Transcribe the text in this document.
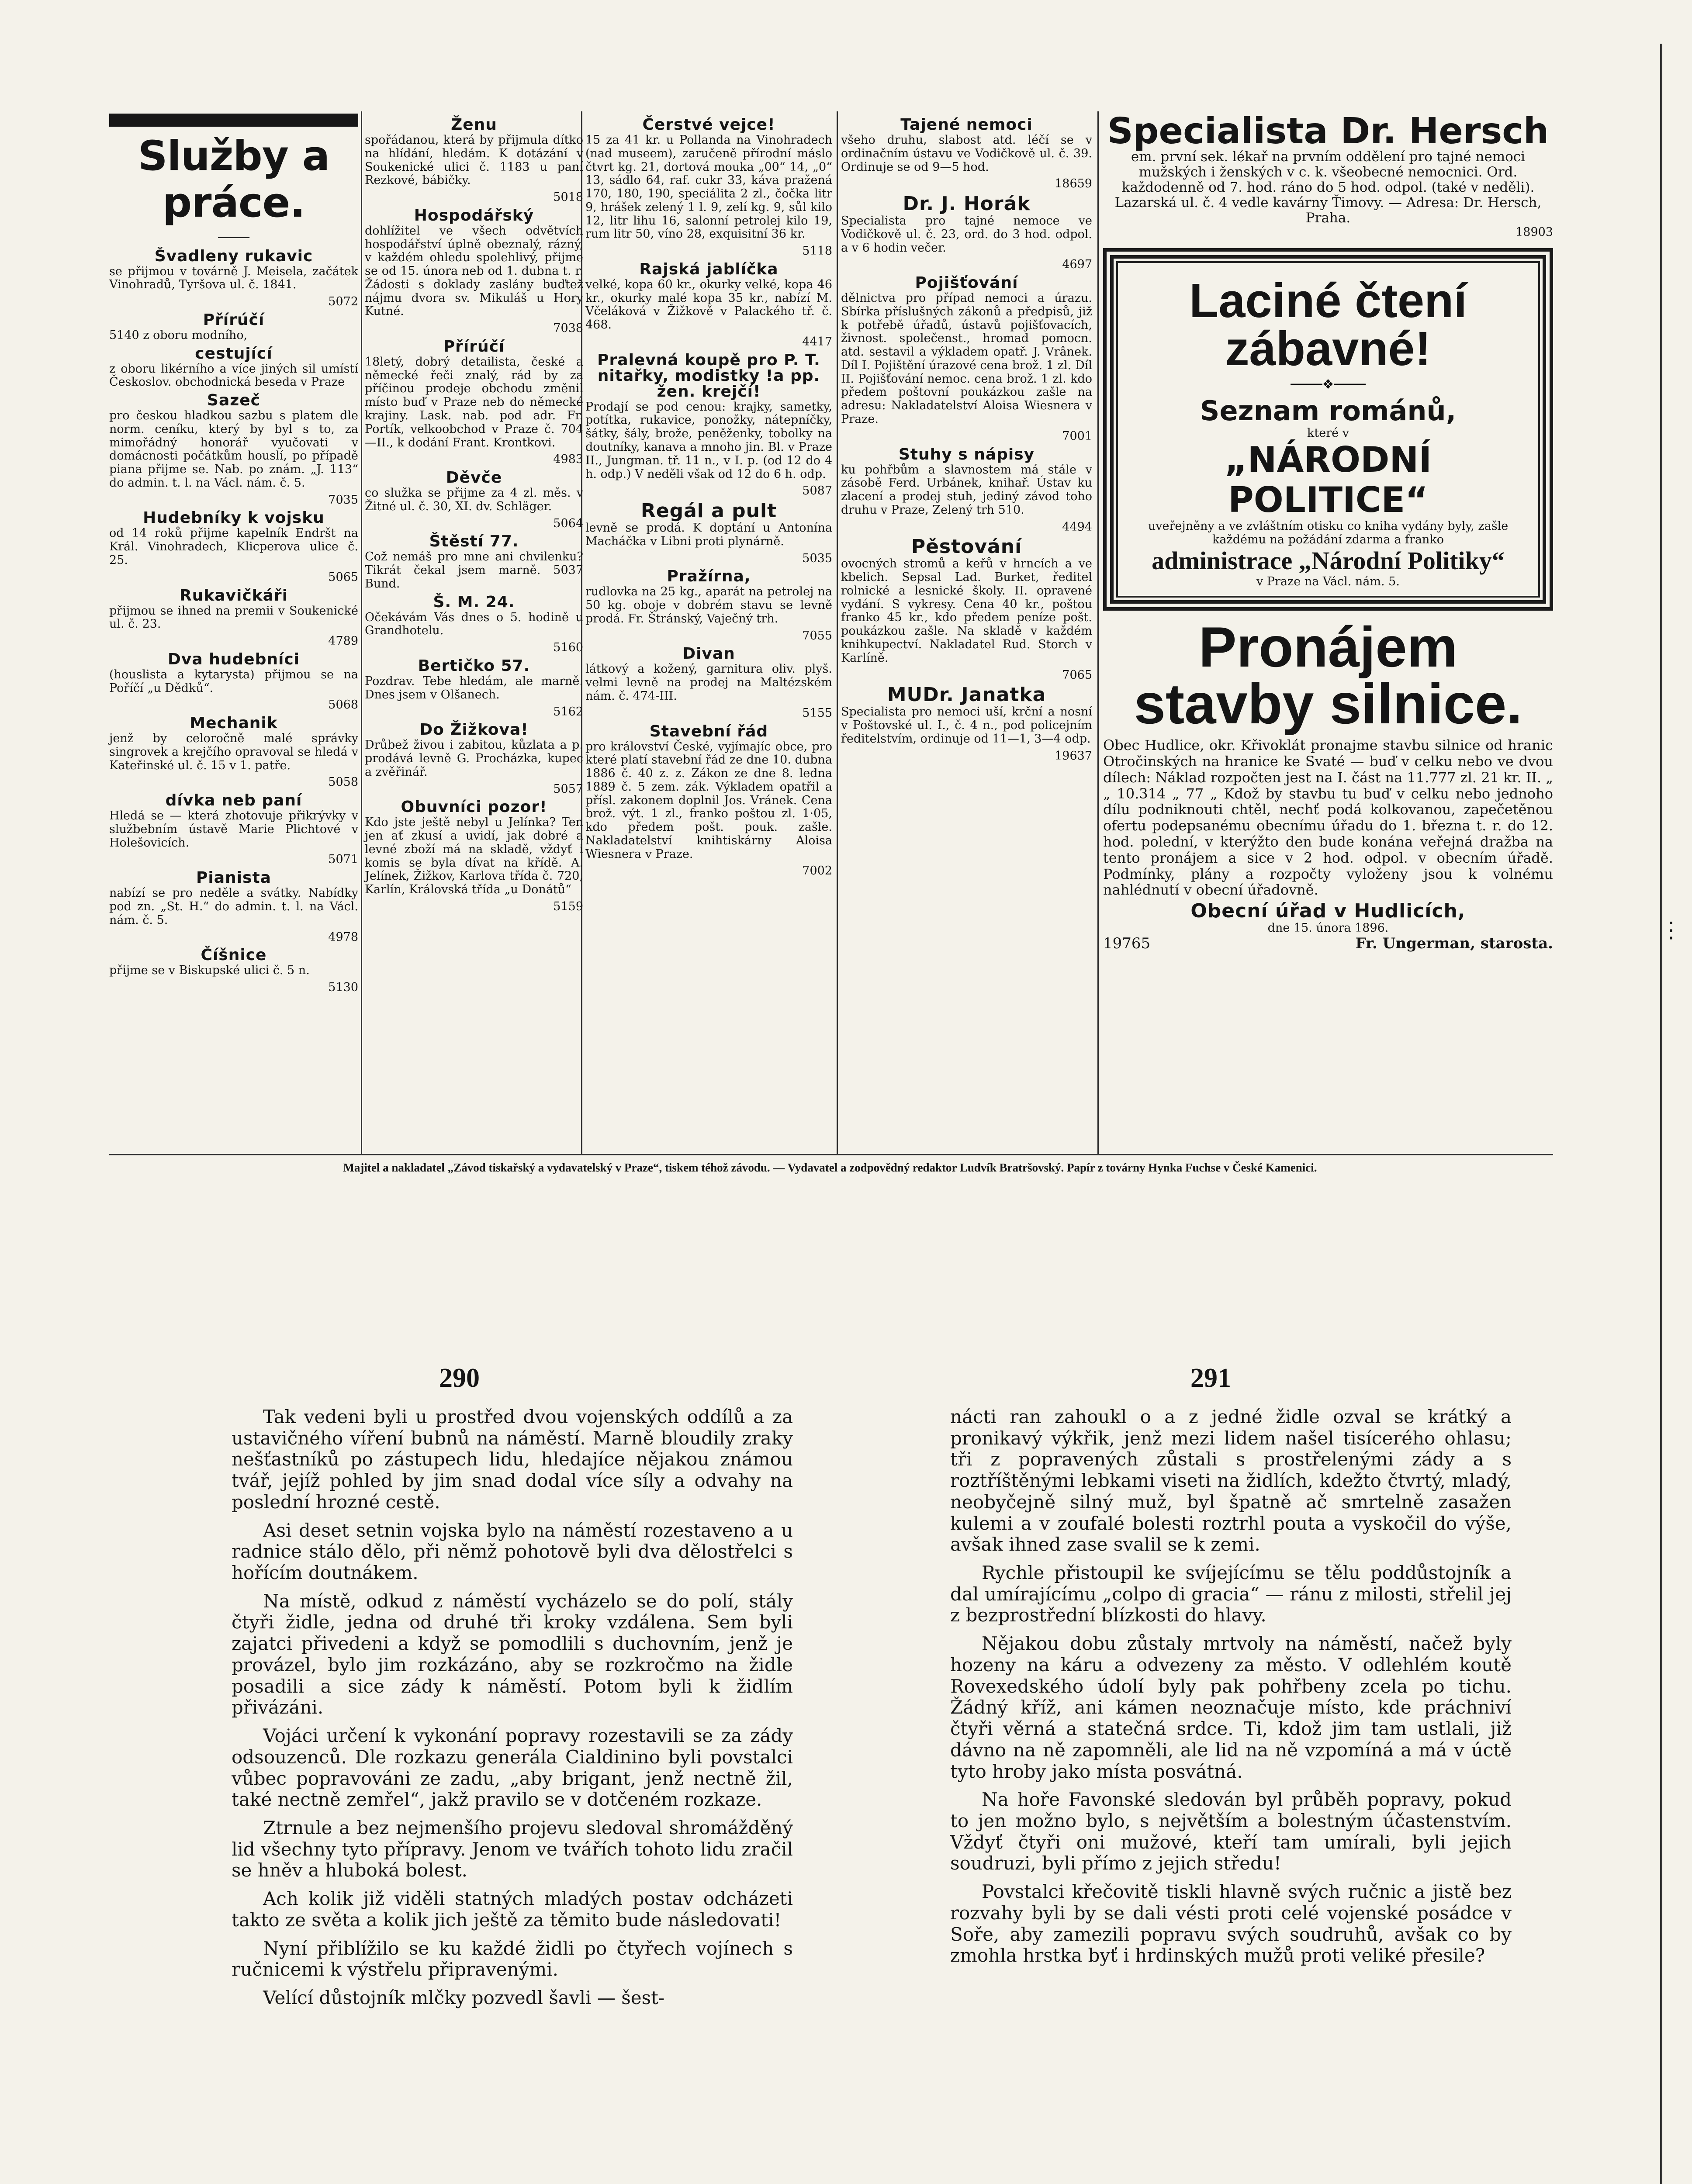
Služby a práce.
⸻
Švadleny rukavic

se přijmou v továrně J. Meisela, začátek Vinohradů, Tyršova ul. č. 1841.

5072
Přírúčí

5140 z oboru modního,

cestující

z oboru likérního a více jiných sil umístí Českoslov. obchodnická beseda v Praze

Sazeč

pro českou hladkou sazbu s platem dle norm. ceníku, který by byl s to, za mimořádný honorář vyučovati v domácnosti počátkům houslí, po případě piana přijme se. Nab. po znám. „J. 113“ do admin. t. l. na Václ. nám. č. 5.

7035
Hudebníky k vojsku

od 14 roků přijme kapelník Endršt na Král. Vinohradech, Klicperova ulice č. 25.

5065
Rukavičkáři

přijmou se ihned na premii v Soukenické ul. č. 23.

4789
Dva hudebníci

(houslista a kytarysta) přijmou se na Poříčí „u Dědků“.

5068
Mechanik

jenž by celoročně malé správky singrovek a krejčího opravoval se hledá v Kateřinské ul. č. 15 v 1. patře.

5058
dívka neb paní

Hledá se — která zhotovuje přikrývky v službebním ústavě Marie Plichtové v Holešovicích.

5071
Pianista

nabízí se pro neděle a svátky. Nabídky pod zn. „St. H.“ do admin. t. l. na Václ. nám. č. 5.

4978
Číšnice

přijme se v Biskupské ulici č. 5 n.

5130
Ženu

spořádanou, která by přijmula dítko na hlídání, hledám. K dotázání v Soukenické ulici č. 1183 u paní Rezkové, bábičky.

5018
Hospodářský

dohlížitel ve všech odvětvích hospodářství úplně obeznalý, rázný, v každém ohledu spolehlivý, přijme se od 15. února neb od 1. dubna t. r. Žádosti s doklady zaslány buďtež nájmu dvora sv. Mikuláš u Hory Kutné.

7038
Přírúčí

18letý, dobrý detailista, české a německé řeči znalý, rád by za příčinou prodeje obchodu změnil místo buď v Praze neb do německé krajiny. Lask. nab. pod adr. Fr. Portík, velkoobchod v Praze č. 704—II., k dodání Frant. Krontkovi.

4983
Děvče

co služka se přijme za 4 zl. měs. v Žitné ul. č. 30, XI. dv. Schläger.

5064
Štěstí 77.

Což nemáš pro mne ani chvilenku? Tikrát čekal jsem marně. 5037 Bund.

Š. M. 24.

Očekávám Vás dnes o 5. hodině u Grandhotelu.

5160
Bertičko 57.

Pozdrav. Tebe hledám, ale marně. Dnes jsem v Olšanech.

5162
Do Žižkova!

Drůbež živou i zabitou, kůzlata a p. prodává levně G. Procházka, kupec a zvěřinář.

5057
Obuvníci pozor!

Kdo jste ještě nebyl u Jelínka? Ten jen ať zkusí a uvidí, jak dobré a levné zboží má na skladě, vždyť i komis se byla dívat na křídě. A. Jelínek, Žižkov, Karlova třída č. 720, Karlín, Královská třída „u Donátů“

5159
Čerstvé vejce!

15 za 41 kr. u Pollanda na Vinohradech (nad museem), zaručeně přírodní máslo čtvrt kg. 21, dortová mouka „00“ 14, „0“ 13, sádlo 64, raf. cukr 33, káva pražená 170, 180, 190, speciálita 2 zl., čočka litr 9, hrášek zelený 1 l. 9, zelí kg. 9, sůl kilo 12, litr lihu 16, salonní petrolej kilo 19, rum litr 50, víno 28, exquisitní 36 kr.

5118
Rajská jablíčka

velké, kopa 60 kr., okurky velké, kopa 46 kr., okurky malé kopa 35 kr., nabízí M. Včeláková v Žižkově v Palackého tř. č. 468.

4417
Pralevná koupě pro P. T. nitařky, modistky !a pp. žen. krejčí!

Prodají se pod cenou: krajky, sametky, potítka, rukavice, ponožky, nátepníčky, šátky, šály, brože, peněženky, tobolky na doutníky, kanava a mnoho jin. Bl. v Praze II., Jungman. tř. 11 n., v I. p. (od 12 do 4 h. odp.) V neděli však od 12 do 6 h. odp.

5087
Regál a pult

levně se prodá. K doptání u Antonína Macháčka v Libni proti plynárně.

5035
Pražírna,

rudlovka na 25 kg., aparát na petrolej na 50 kg. oboje v dobrém stavu se levně prodá. Fr. Štránský, Vaječný trh.

7055
Divan

látkový a kožený, garnitura oliv. plyš. velmi levně na prodej na Maltézském nám. č. 474-III.

5155
Stavební řád

pro království České, vyjímajíc obce, pro které platí stavební řád ze dne 10. dubna 1886 č. 40 z. z. Zákon ze dne 8. ledna 1889 č. 5 zem. zák. Výkladem opatřil a přísl. zakonem doplnil Jos. Vránek. Cena brož. výt. 1 zl., franko poštou zl. 1·05, kdo předem pošt. pouk. zašle. Nakladatelství knihtiskárny Aloisa Wiesnera v Praze.

7002
Tajené nemoci

všeho druhu, slabost atd. léčí se v ordinačním ústavu ve Vodičkově ul. č. 39. Ordinuje se od 9—5 hod.

18659
Dr. J. Horák

Specialista pro tajné nemoce ve Vodičkově ul. č. 23, ord. do 3 hod. odpol. a v 6 hodin večer.

4697
Pojišťování

dělnictva pro případ nemoci a úrazu. Sbírka příslušných zákonů a předpisů, již k potřebě úřadů, ústavů pojišťovacích, živnost. společenst., hromad pomocn. atd. sestavil a výkladem opatř. J. Vrânek. Díl I. Pojištění úrazové cena brož. 1 zl. Díl II. Pojišťování nemoc. cena brož. 1 zl. kdo předem poštovní poukázkou zašle na adresu: Nakladatelství Aloisa Wiesnera v Praze.

7001
Stuhy s nápisy

ku pohřbům a slavnostem má stále v zásobě Ferd. Urbánek, knihař. Ústav ku zlacení a prodej stuh, jediný závod toho druhu v Praze, Zelený trh 510.

4494
Pěstování

ovocných stromů a keřů v hrncích a ve kbelich. Sepsal Lad. Burket, ředitel rolnické a lesnické školy. II. opravené vydání. S vykresy. Cena 40 kr., poštou franko 45 kr., kdo předem peníze pošt. poukázkou zašle. Na skladě v každém knihkupectví. Nakladatel Rud. Storch v Karlíně.

7065
MUDr. Janatka

Specialista pro nemoci uší, krční a nosní v Poštovské ul. I., č. 4 n., pod policejním ředitelstvím, ordinuje od 11—1, 3—4 odp.

19637
Specialista Dr. Hersch
em. první sek. lékař na prvním oddělení pro tajné nemoci mužských i ženských v c. k. všeobecné nemocnici. Ord. každodenně od 7. hod. ráno do 5 hod. odpol. (také v neděli). Lazarská ul. č. 4 vedle kavárny Ťimovy. — Adresa: Dr. Hersch, Praha.
18903
Laciné čtení zábavné!
────❖────
Seznam románů,
které v
„NÁRODNÍ POLITICE“
uveřejněny a ve zvláštním otisku co kniha vydány byly, zašle každému na požádání zdarma a franko
administrace „Národní Politiky“
v Praze na Václ. nám. 5.
Pronájem stavby silnice.
Obec Hudlice, okr. Křivoklát pronajme stavbu silnice od hranic Otročinských na hranice ke Svaté — buď v celku nebo ve dvou dílech: Náklad rozpočten jest na I. část na 11.777 zl. 21 kr. II. „ „ 10.314 „ 77 „ Kdož by stavbu tu buď v celku nebo jednoho dílu podniknouti chtěl, nechť podá kolkovanou, zapečetěnou ofertu podepsanému obecnímu úřadu do 1. března t. r. do 12. hod. polední, v kterýžto den bude konána veřejná dražba na tento pronájem a sice v 2 hod. odpol. v obecním úřadě. Podmínky, plány a rozpočty vyloženy jsou k volnému nahlédnutí v obecní úřadovně.
Obecní úřad v Hudlicích,
dne 15. února 1896.
19765	Fr. Ungerman, starosta.
Majitel a nakladatel „Závod tiskařský a vydavatelský v Praze“, tiskem téhož závodu. — Vydavatel a zodpovědný redaktor Ludvík Bratršovský. Papír z továrny Hynka Fuchse v České Kamenici.
290	291

Tak vedeni byli u prostřed dvou vojenských oddílů a za ustavičného víření bubnů na náměstí. Marně bloudily zraky nešťastníků po zástupech lidu, hledajíce nějakou známou tvář, jejíž pohled by jim snad dodal více síly a odvahy na poslední hrozné cestě.

Asi deset setnin vojska bylo na náměstí rozestaveno a u radnice stálo dělo, při němž pohotově byli dva dělostřelci s hořícím doutnákem.

Na místě, odkud z náměstí vycházelo se do polí, stály čtyři židle, jedna od druhé tři kroky vzdálena. Sem byli zajatci přivedeni a když se pomodlili s duchovním, jenž je provázel, bylo jim rozkázáno, aby se rozkročmo na židle posadili a sice zády k náměstí. Potom byli k židlím přivázáni.

Vojáci určení k vykonání popravy rozestavili se za zády odsouzenců. Dle rozkazu generála Cialdinino byli povstalci vůbec popravováni ze zadu, „aby brigant, jenž nectně žil, také nectně zemřel“, jakž pravilo se v dotčeném rozkaze.

Ztrnule a bez nejmenšího projevu sledoval shromážděný lid všechny tyto přípravy. Jenom ve tvářích tohoto lidu zračil se hněv a hluboká bolest.

Ach kolik již viděli statných mladých postav odcházeti takto ze světa a kolik jich ještě za těmito bude následovati!

Nyní přiblížilo se ku každé židli po čtyřech vojínech s ručnicemi k výstřelu připravenými.

Velící důstojník mlčky pozvedl šavli — šest-

nácti ran zahoukl o a z jedné židle ozval se krátký a pronikavý výkřik, jenž mezi lidem našel tisícerého ohlasu; tři z popravených zůstali s prostřelenými zády a s roztříštěnými lebkami viseti na židlích, kdežto čtvrtý, mladý, neobyčejně silný muž, byl špatně ač smrtelně zasažen kulemi a v zoufalé bolesti roztrhl pouta a vyskočil do výše, avšak ihned zase svalil se k zemi.

Rychle přistoupil ke svíjejícímu se tělu poddůstojník a dal umírajícímu „colpo di gracia“ — ránu z milosti, střelil jej z bezprostřední blízkosti do hlavy.

Nějakou dobu zůstaly mrtvoly na náměstí, načež byly hozeny na káru a odvezeny za město. V odlehlém koutě Rovexedského údolí byly pak pohřbeny zcela po tichu. Žádný kříž, ani kámen neoznačuje místo, kde práchniví čtyři věrná a statečná srdce. Ti, kdož jim tam ustlali, již dávno na ně zapomněli, ale lid na ně vzpomíná a má v úctě tyto hroby jako místa posvátná.

Na hoře Favonské sledován byl průběh popravy, pokud to jen možno bylo, s největším a bolestným účastenstvím. Vždyť čtyři oni mužové, kteří tam umírali, byli jejich soudruzi, byli přímo z jejich středu!

Povstalci křečovitě tiskli hlavně svých ručnic a jistě bez rozvahy byli by se dali vésti proti celé vojenské posádce v Soře, aby zamezili popravu svých soudruhů, avšak co by zmohla hrstka byť i hrdinských mužů proti veliké přesile?

⋮
